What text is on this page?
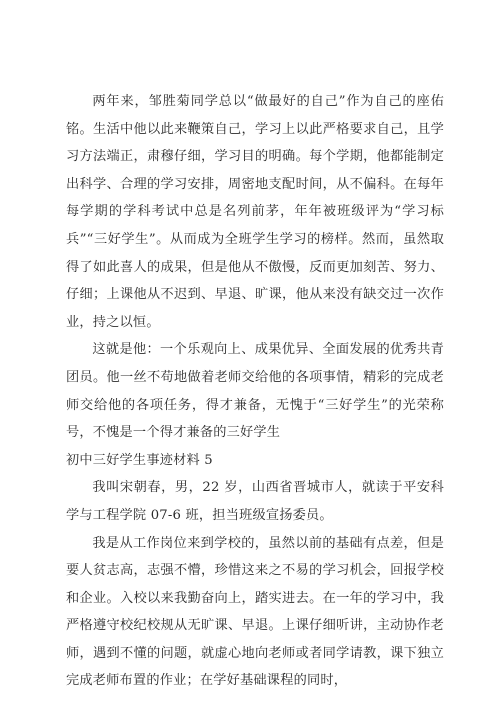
两年来，邹胜菊同学总以“做最好的自己”作为自己的座佑铭。生活中他以此来鞭策自己，学习上以此严格要求自己，且学习方法端正，肃穆仔细，学习目的明确。每个学期，他都能制定出科学、合理的学习安排，周密地支配时间，从不偏科。在每年每学期的学科考试中总是名列前茅，年年被班级评为“学习标兵”“三好学生”。从而成为全班学生学习的榜样。然而，虽然取得了如此喜人的成果，但是他从不傲慢，反而更加刻苦、努力、仔细；上课他从不迟到、早退、旷课，他从来没有缺交过一次作业，持之以恒。

这就是他：一个乐观向上、成果优异、全面发展的优秀共青团员。他一丝不苟地做着老师交给他的各项事情，精彩的完成老师交给他的各项任务，得才兼备，无愧于“三好学生”的光荣称号，不愧是一个得才兼备的三好学生

初中三好学生事迹材料 5

我叫宋朝春，男，22 岁，山西省晋城市人，就读于平安科学与工程学院 07-6 班，担当班级宣扬委员。

我是从工作岗位来到学校的，虽然以前的基础有点差，但是要人贫志高，志强不懵，珍惜这来之不易的学习机会，回报学校和企业。入校以来我勤奋向上，踏实进去。在一年的学习中，我严格遵守校纪校规从无旷课、早退。上课仔细听讲，主动协作老师，遇到不懂的问题，就虚心地向老师或者同学请教，课下独立完成老师布置的作业；在学好基础课程的同时，
